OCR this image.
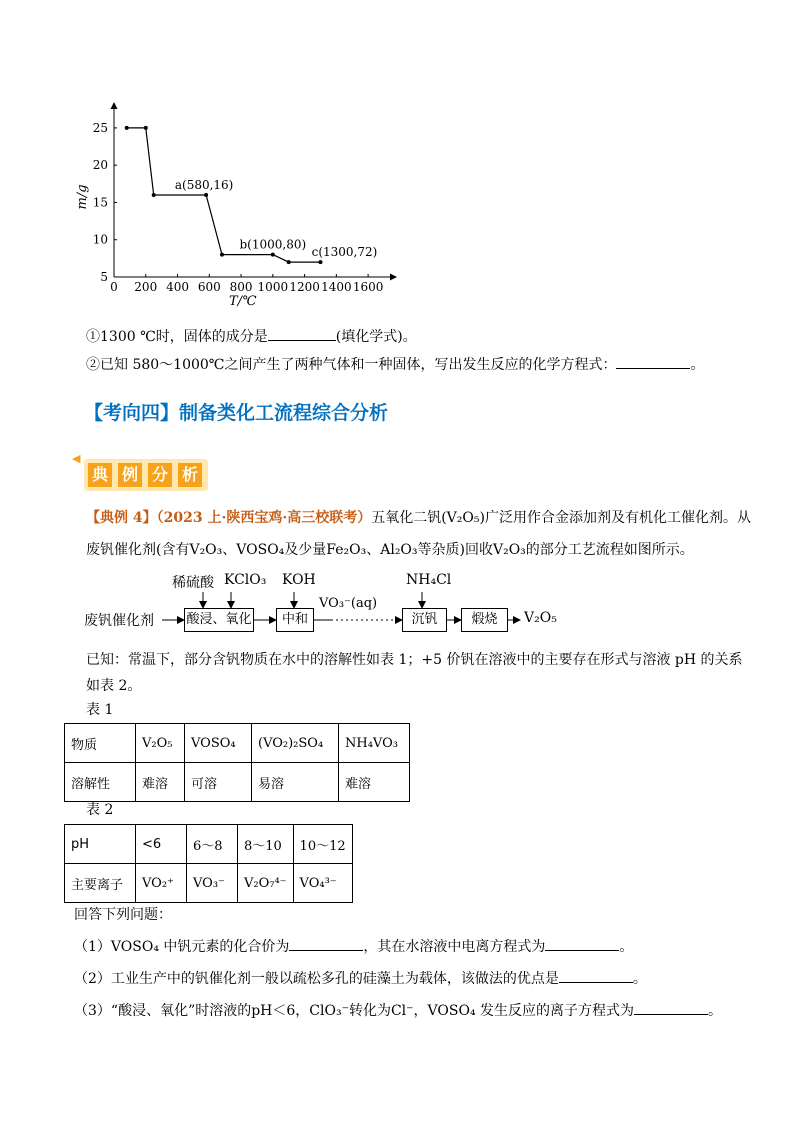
0 200 400 600 800 1000 1200 1400 1600
5
10
15
20
25
T/℃
m/g	a(580,16)
b(1000,80)
c(1300,72)
①1300 ℃时，固体的成分是	(填化学式)。
②已知 580～1000℃之间产生了两种气体和一种固体，写出发生反应的化学方程式：	。
【考向四】制备类化工流程综合分析
◀
典 例 分 析
【典例 4】（2023 上·陕西宝鸡·高三校联考）五氧化二钒(V₂O₅)广泛用作合金添加剂及有机化工催化剂。从
废钒催化剂(含有V₂O₃、VOSO₄及少量Fe₂O₃、Al₂O₃等杂质)回收V₂O₃的部分工艺流程如图所示。
废钒催化剂
稀硫酸 KClO₃ KOH	NH₄Cl
酸浸、氧化	中和
VO₃⁻(aq)
沉钒	煅烧	V₂O₅
已知：常温下，部分含钒物质在水中的溶解性如表 1；+5 价钒在溶液中的主要存在形式与溶液 pH 的关系
如表 2。
表 1
物质	V₂O₅	VOSO₄	(VO₂)₂SO₄	NH₄VO₃
溶解性	难溶	可溶	易溶	难溶
表 2
pH	<6	6～8	8～10	10～12
主要离子	VO₂⁺	VO₃⁻	V₂O₇⁴⁻	VO₄³⁻
回答下列问题：
（1）VOSO₄ 中钒元素的化合价为	，其在水溶液中电离方程式为	。
（2）工业生产中的钒催化剂一般以疏松多孔的硅藻土为载体，该做法的优点是	。
（3）“酸浸、氧化”时溶液的pH＜6，ClO₃⁻转化为Cl⁻，VOSO₄ 发生反应的离子方程式为	。
